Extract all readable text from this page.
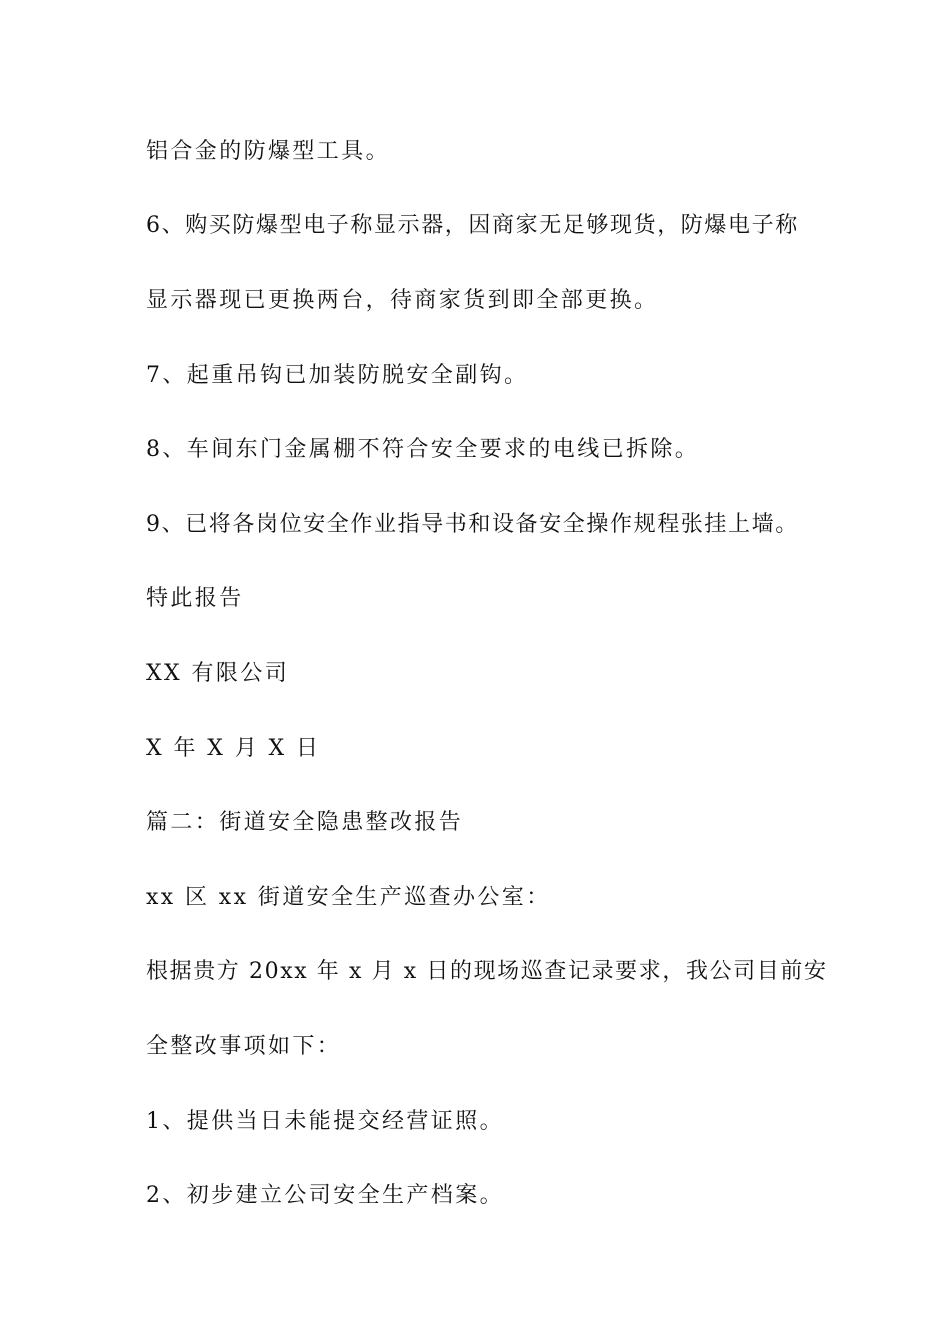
铝合金的防爆型工具。
6、购买防爆型电子称显示器，因商家无足够现货，防爆电子称
显示器现已更换两台，待商家货到即全部更换。
7、起重吊钩已加装防脱安全副钩。
8、车间东门金属棚不符合安全要求的电线已拆除。
9、已将各岗位安全作业指导书和设备安全操作规程张挂上墙。
特此报告
XX 有限公司
X 年 X 月 X 日
篇二：街道安全隐患整改报告
xx 区 xx 街道安全生产巡查办公室：
根据贵方 20xx 年 x 月 x 日的现场巡查记录要求，我公司目前安
全整改事项如下：
1、提供当日未能提交经营证照。
2、初步建立公司安全生产档案。
